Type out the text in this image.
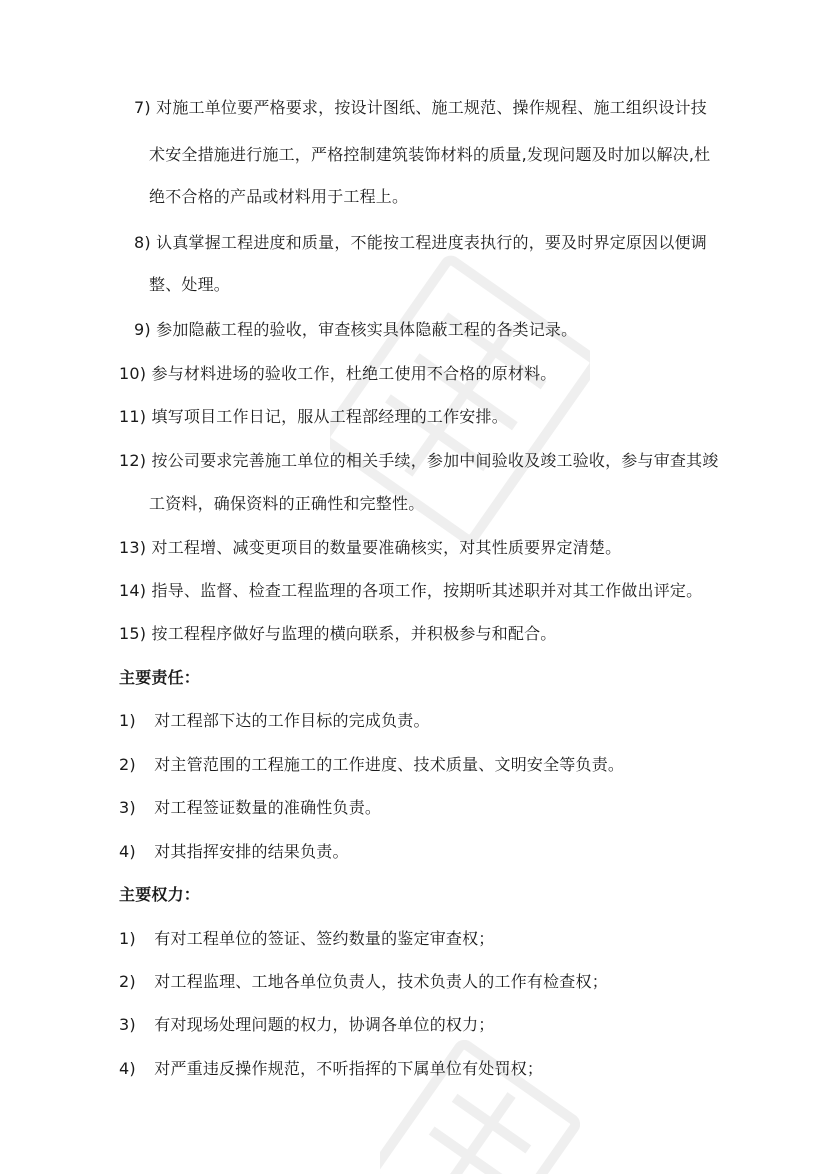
7) 对施工单位要严格要求，按设计图纸、施工规范、操作规程、施工组织设计技
术安全措施进行施工，严格控制建筑装饰材料的质量,发现问题及时加以解决,杜
绝不合格的产品或材料用于工程上。
8) 认真掌握工程进度和质量，不能按工程进度表执行的，要及时界定原因以便调
整、处理。
9) 参加隐蔽工程的验收，审查核实具体隐蔽工程的各类记录。
10) 参与材料进场的验收工作，杜绝工使用不合格的原材料。
11) 填写项目工作日记，服从工程部经理的工作安排。
12) 按公司要求完善施工单位的相关手续，参加中间验收及竣工验收，参与审查其竣
工资料，确保资料的正确性和完整性。
13) 对工程增、减变更项目的数量要准确核实，对其性质要界定清楚。
14) 指导、监督、检查工程监理的各项工作，按期听其述职并对其工作做出评定。
15) 按工程程序做好与监理的横向联系，并积极参与和配合。
主要责任：
1) 对工程部下达的工作目标的完成负责。
2) 对主管范围的工程施工的工作进度、技术质量、文明安全等负责。
3) 对工程签证数量的准确性负责。
4) 对其指挥安排的结果负责。
主要权力：
1) 有对工程单位的签证、签约数量的鉴定审查权；
2) 对工程监理、工地各单位负责人，技术负责人的工作有检查权；
3) 有对现场处理问题的权力，协调各单位的权力；
4) 对严重违反操作规范，不听指挥的下属单位有处罚权；
